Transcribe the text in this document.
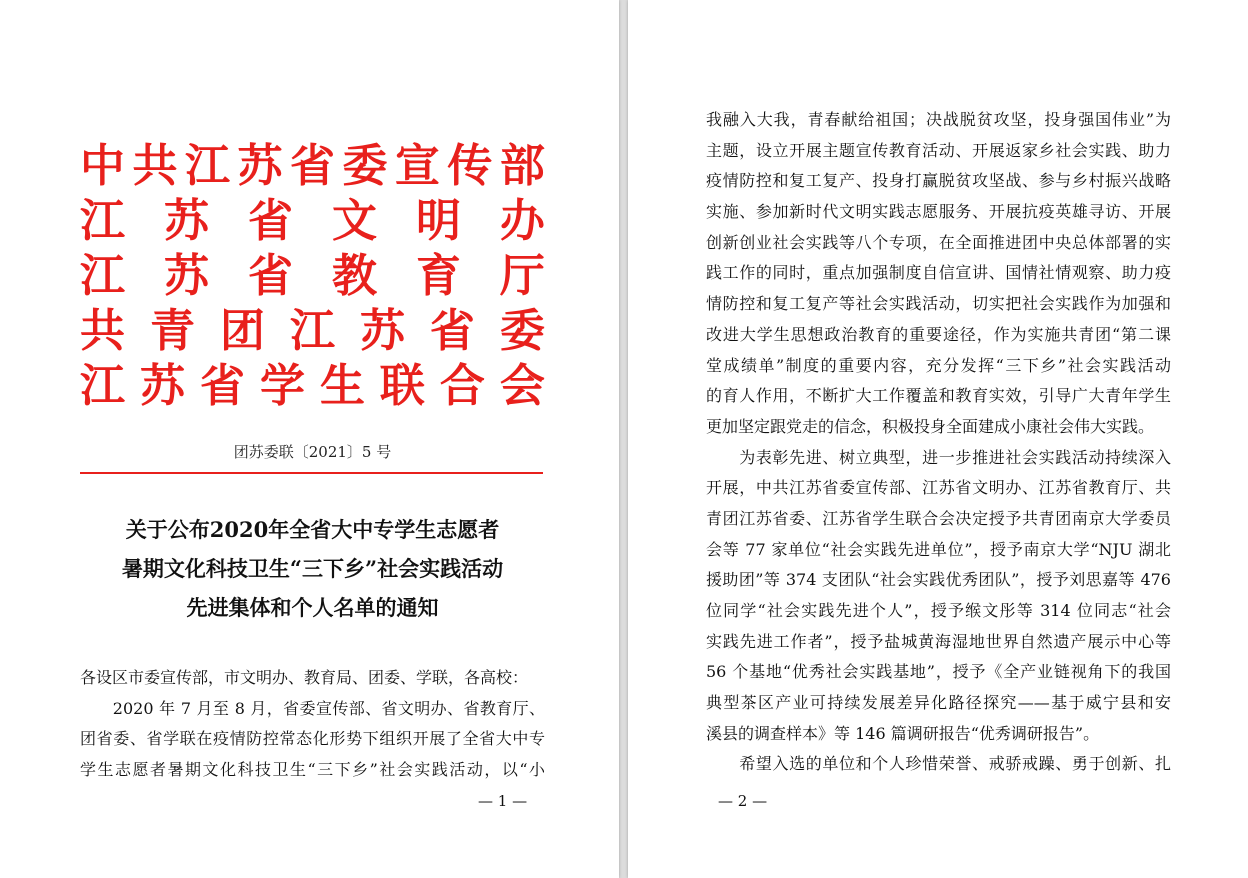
中 共 江 苏 省 委 宣 传 部
江 苏 省 文 明 办
江 苏 省 教 育 厅
共 青 团 江 苏 省 委
江 苏 省 学 生 联 合 会
团苏委联〔2021〕5 号
关于公布2020年全省大中专学生志愿者
暑期文化科技卫生“三下乡”社会实践活动
先进集体和个人名单的通知
各设区市委宣传部，市文明办、教育局、团委、学联，各高校：
　　2020 年 7 月至 8 月，省委宣传部、省文明办、省教育厅、
团省委、省学联在疫情防控常态化形势下组织开展了全省大中专
学生志愿者暑期文化科技卫生“三下乡”社会实践活动，以“小
— 1 —	— 2 —
我融入大我，青春献给祖国；决战脱贫攻坚，投身强国伟业”为
主题，设立开展主题宣传教育活动、开展返家乡社会实践、助力
疫情防控和复工复产、投身打赢脱贫攻坚战、参与乡村振兴战略
实施、参加新时代文明实践志愿服务、开展抗疫英雄寻访、开展
创新创业社会实践等八个专项，在全面推进团中央总体部署的实
践工作的同时，重点加强制度自信宣讲、国情社情观察、助力疫
情防控和复工复产等社会实践活动，切实把社会实践作为加强和
改进大学生思想政治教育的重要途径，作为实施共青团“第二课
堂成绩单”制度的重要内容，充分发挥“三下乡”社会实践活动
的育人作用，不断扩大工作覆盖和教育实效，引导广大青年学生
更加坚定跟党走的信念，积极投身全面建成小康社会伟大实践。
　　为表彰先进、树立典型，进一步推进社会实践活动持续深入
开展，中共江苏省委宣传部、江苏省文明办、江苏省教育厅、共
青团江苏省委、江苏省学生联合会决定授予共青团南京大学委员
会等 77 家单位“社会实践先进单位”，授予南京大学“NJU 湖北
援助团”等 374 支团队“社会实践优秀团队”，授予刘思嘉等 476
位同学“社会实践先进个人”，授予缑文彤等 314 位同志“社会
实践先进工作者”，授予盐城黄海湿地世界自然遗产展示中心等
56 个基地“优秀社会实践基地”，授予《全产业链视角下的我国
典型茶区产业可持续发展差异化路径探究——基于威宁县和安
溪县的调查样本》等 146 篇调研报告“优秀调研报告”。
　　希望入选的单位和个人珍惜荣誉、戒骄戒躁、勇于创新、扎
